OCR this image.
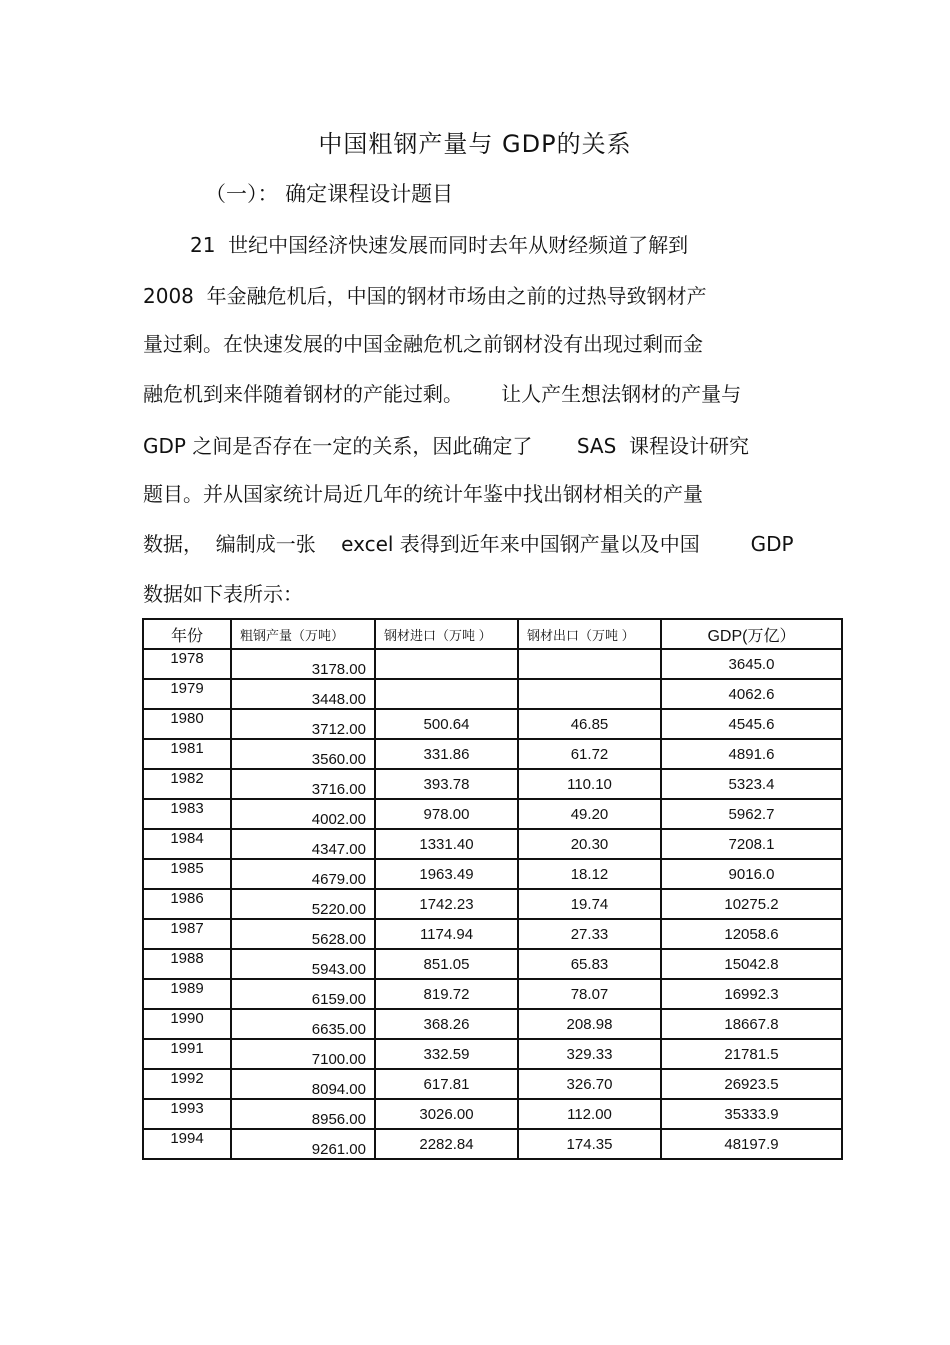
中国粗钢产量与 GDP的关系
（一）： 确定课程设计题目
21  世纪中国经济快速发展而同时去年从财经频道了解到
2008  年金融危机后，中国的钢材市场由之前的过热导致钢材产
量过剩。在快速发展的中国金融危机之前钢材没有出现过剩而金
融危机到来伴随着钢材的产能过剩。      让人产生想法钢材的产量与
GDP 之间是否存在一定的关系，因此确定了       SAS  课程设计研究
题目。并从国家统计局近几年的统计年鉴中找出钢材相关的产量
数据，  编制成一张    excel 表得到近年来中国钢产量以及中国        GDP
数据如下表所示：
年份	粗钢产量（万吨）	钢材进口（万吨 ）	钢材出口（万吨 ）	GDP(万亿）
1978	3178.00			3645.0
1979	3448.00			4062.6
1980	3712.00	500.64	46.85	4545.6
1981	3560.00	331.86	61.72	4891.6
1982	3716.00	393.78	110.10	5323.4
1983	4002.00	978.00	49.20	5962.7
1984	4347.00	1331.40	20.30	7208.1
1985	4679.00	1963.49	18.12	9016.0
1986	5220.00	1742.23	19.74	10275.2
1987	5628.00	1174.94	27.33	12058.6
1988	5943.00	851.05	65.83	15042.8
1989	6159.00	819.72	78.07	16992.3
1990	6635.00	368.26	208.98	18667.8
1991	7100.00	332.59	329.33	21781.5
1992	8094.00	617.81	326.70	26923.5
1993	8956.00	3026.00	112.00	35333.9
1994	9261.00	2282.84	174.35	48197.9
